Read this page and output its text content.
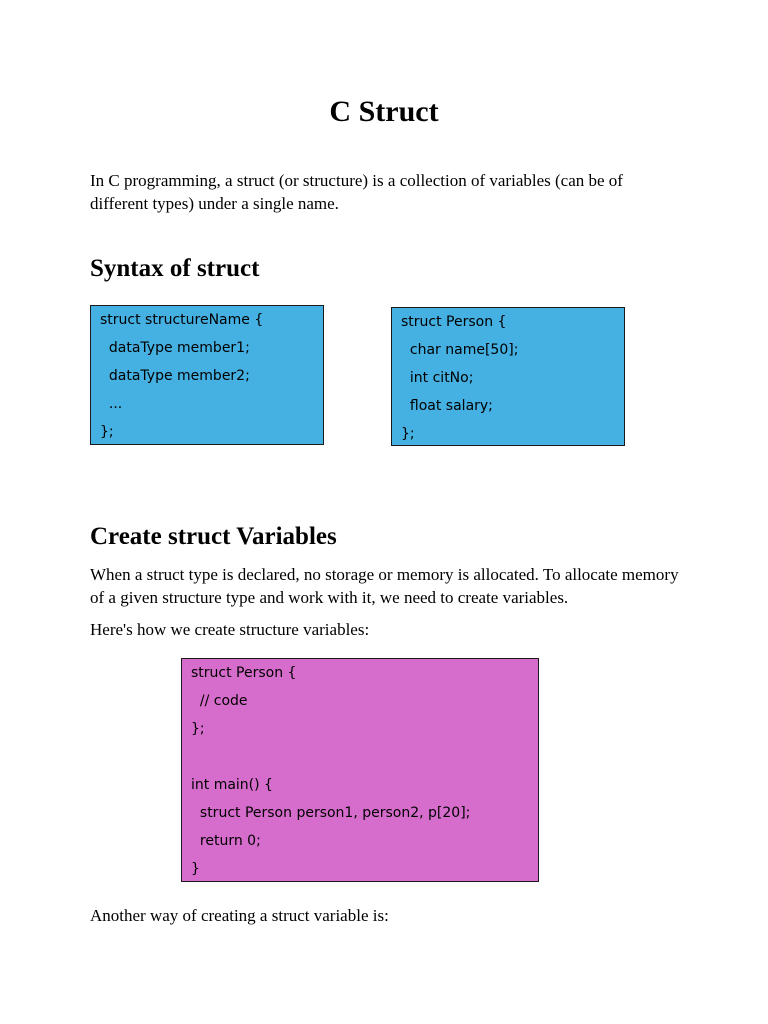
C Struct

In C programming, a struct (or structure) is a collection of variables (can be of different types) under a single name.

Syntax of struct
struct structureName {
dataType member1;
dataType member2;
...
};
struct Person {
char name[50];
int citNo;
float salary;
};
Create struct Variables

When a struct type is declared, no storage or memory is allocated. To allocate memory of a given structure type and work with it, we need to create variables.

Here's how we create structure variables:

struct Person {
// code
};
int main() {
struct Person person1, person2, p[20];
return 0;
}

Another way of creating a struct variable is:
